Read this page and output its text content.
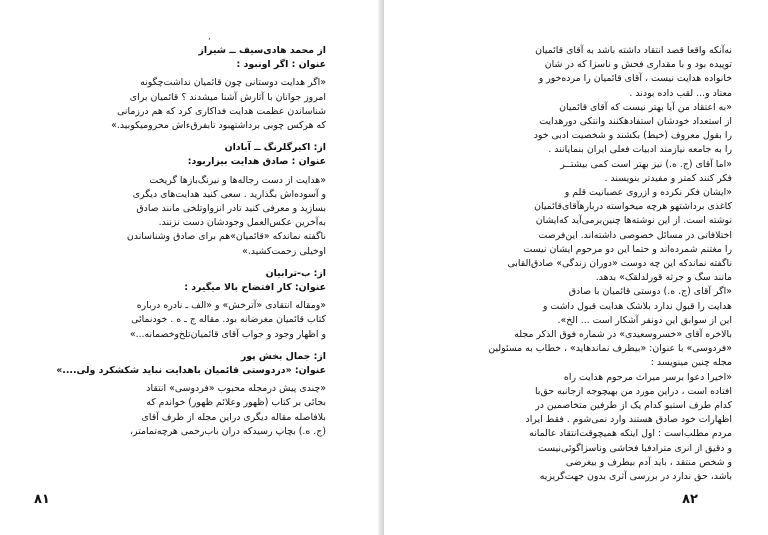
,
از محمد هادی‌سیف ــ شیراز
عنوان : اگر اونبود :
«اگر هدایت دوستانی چون قائمیان نداشت‌چگونه
امروز جوانان با آثارش آشنا میشدند ؟ قائمیان برای
شناساندن عظمت هدایت فداکاری کرد که هم درزمانی
که هرکس چوبی برداشتهبود تابفرقءاش محرومیکوبید.»
از: اکبرگلرنگ ــ آبادان
عنوان : صادق هدایت بیزاربود:
«هدایت از دست رجاله‌ها و نیرنگ‌بازها گریخت
و آسوده‌اش بگذارید . سعی کنید هدایت‌های دیگری
بسازید و معرفی کنید تادر انزواوتلخی مانند صادق
به‌آخرین عکس‌العمل وجودشان دست نزنند.
ناگفته نماندکه «قائمیان»هم برای صادق وشناساندن
اوخیلی زحمت‌کشید.»
از: ب-ترابیان
عنوان: کار افتضاح بالا میگیرد :
«ومقاله انتقادی «آترخش» و «الف ـ نادره درباره
کتاب قائمیان مغرضانه بود. مقاله ج ـ ه . خودنمائی
و اظهار وجود و جواب آقای قائمیان‌تلخ‌وخصمانه...»
از: جمال بخش پور
عنوان: «دردوستی قائمیان باهدایت نباید شکشکرد ولی....»
«چندی پیش درمجله محبوب «فردوسی» انتقاد
بجائی بر کتاب (ظهور وعلائم ظهور) خواندم که
بلافاصله مقاله دیگری دراین مجله از طرف آقای
(ج. ه.) بچاپ رسیدکه دران باب‌رحمی هرچه‌تمامتر،
۸۱
نه‌آنکه واقعا قصد انتقاد داشته باشد به آقای قائمیان
توپیده بود و با مقداری فحش و ناسزا که در شان
خانواده هدایت نیست ، آقای قائمیان را مرده‌خور و
معتاد و... لقب داده بودند .
«به اعتقاد من آیا بهتر نیست که آقای قائمیان
از استعداد خودشان استفادهکنند وانتکی دورهدایت
را بقول معروف (خیط) بکشند و شخصیت ادبی خود
را به جامعه نیازمند ادبیات فعلی ایران بنمایانند .
«اما آقای (ج. ه.) نیز بهتر است کمی بیشتــر
فکر کنند کمتر و مفیدتر بنویسند .
«ایشان فکر نکرده و ازروی عصبانیت قلم و
کاغذی برداشتهو هرچه میخواسته دربارهآقای‌قائمیان
نوشته است. از این نوشته‌ها چنین‌برمی‌آید که‌ایشان
اختلافاتی در مسائل خصوصی داشته‌اند. این‌فرصت
را مغتنم شمرده‌اند و حتما این دو مرحوم ایشان نیست
ناگفته نماندکه این چه دوست «دوران زندگی» صادق‌القابی
مانند سگ و جرثه قورلدلقک» بدهد.
«اگر آقای (ج. ه.) دوستی قائمیان با صادق
هدایت را قبول ندارد بلاشک هدایت قبول داشت و
این از سوابق این دونفر آشکار است ... الخ».
بالاخره آقای «خسروسعیدی» در شماره فوق الذکر مجله
«فردوسی» با عنوان: «بیطرف نماندهاید» ، خطاب به مسئولین
مجله چنین مینویسد :
«اخیرا دعوا برسر میراث مرحوم هدایت راه
افتاده است ، دراین مورد من بهیچوجه ازجانبه حق‌با
کدام طرف استبو کدام یک از طرفین متخاصمین در
اظهارات خود صادق هستند وارد نمی‌شوم . فقط ایراد
مردم مطلب‌است : اول اینکه همیچوقت‌انتقاد عالمانه
و دقیق از انری مترادفبا فحاشی وناسزاگوئی‌نیست
و شخص منتقد ، باید آدم بیطرف و بیغرضی
باشد، حق ندارد در بررسی آثری بدون جهت‌گریزیه
۸۲
